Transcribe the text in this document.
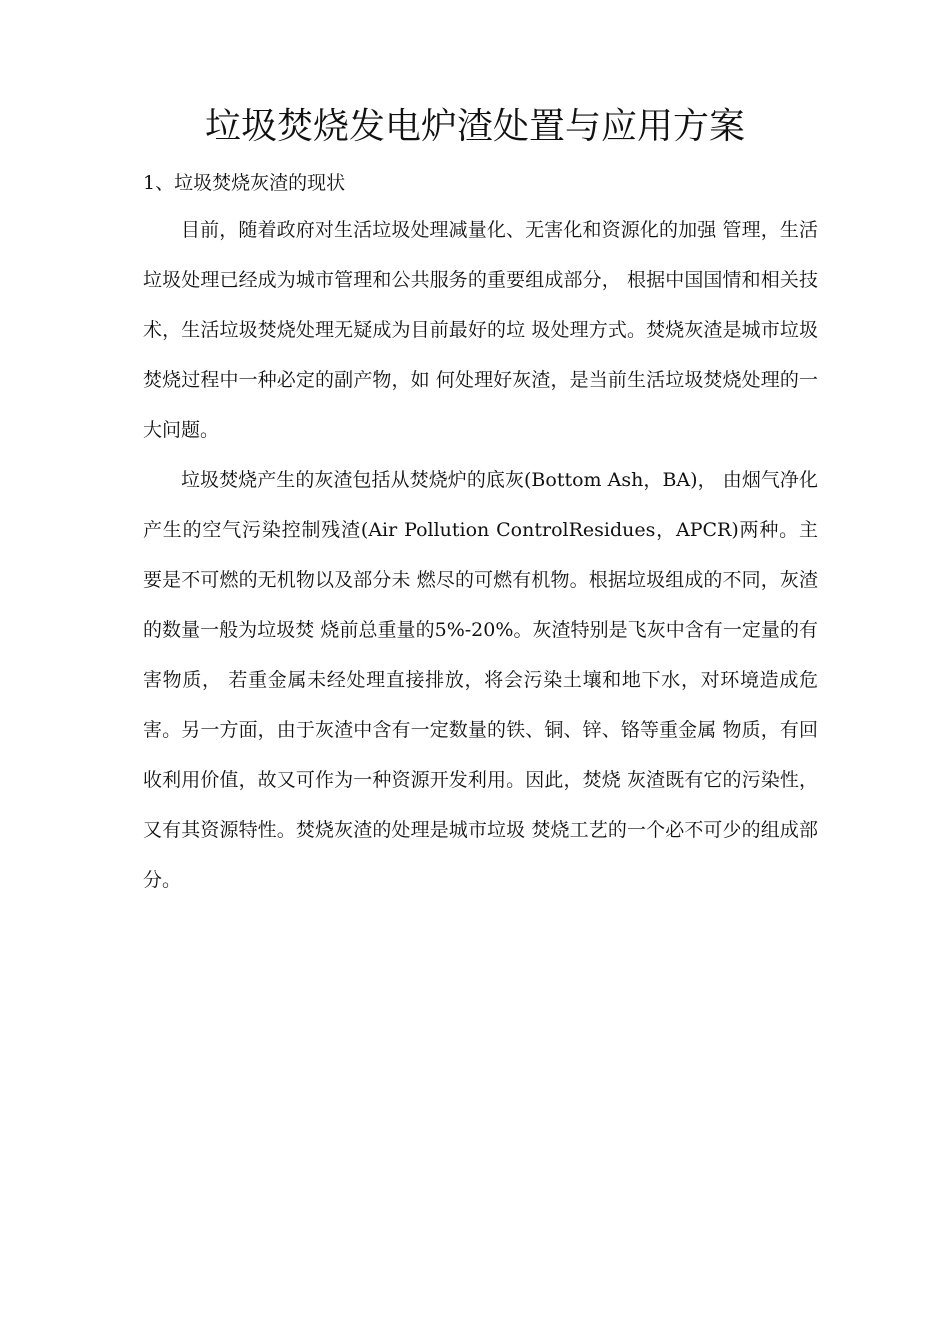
垃圾焚烧发电炉渣处置与应用方案
1、垃圾焚烧灰渣的现状

目前，随着政府对生活垃圾处理减量化、无害化和资源化的加强 管理，生活垃圾处理已经成为城市管理和公共服务的重要组成部分， 根据中国国情和相关技术，生活垃圾焚烧处理无疑成为目前最好的垃 圾处理方式。焚烧灰渣是城市垃圾焚烧过程中一种必定的副产物，如 何处理好灰渣，是当前生活垃圾焚烧处理的一大问题。

垃圾焚烧产生的灰渣包括从焚烧炉的底灰(Bottom Ash，BA)， 由烟气净化产生的空气污染控制残渣(Air Pollution ControlResidues，APCR)两种。主要是不可燃的无机物以及部分未 燃尽的可燃有机物。根据垃圾组成的不同，灰渣的数量一般为垃圾焚 烧前总重量的5%-20%。灰渣特别是飞灰中含有一定量的有害物质， 若重金属未经处理直接排放，将会污染土壤和地下水，对环境造成危 害。另一方面，由于灰渣中含有一定数量的铁、铜、锌、铬等重金属 物质，有回收利用价值，故又可作为一种资源开发利用。因此，焚烧 灰渣既有它的污染性，又有其资源特性。焚烧灰渣的处理是城市垃圾 焚烧工艺的一个必不可少的组成部分。
